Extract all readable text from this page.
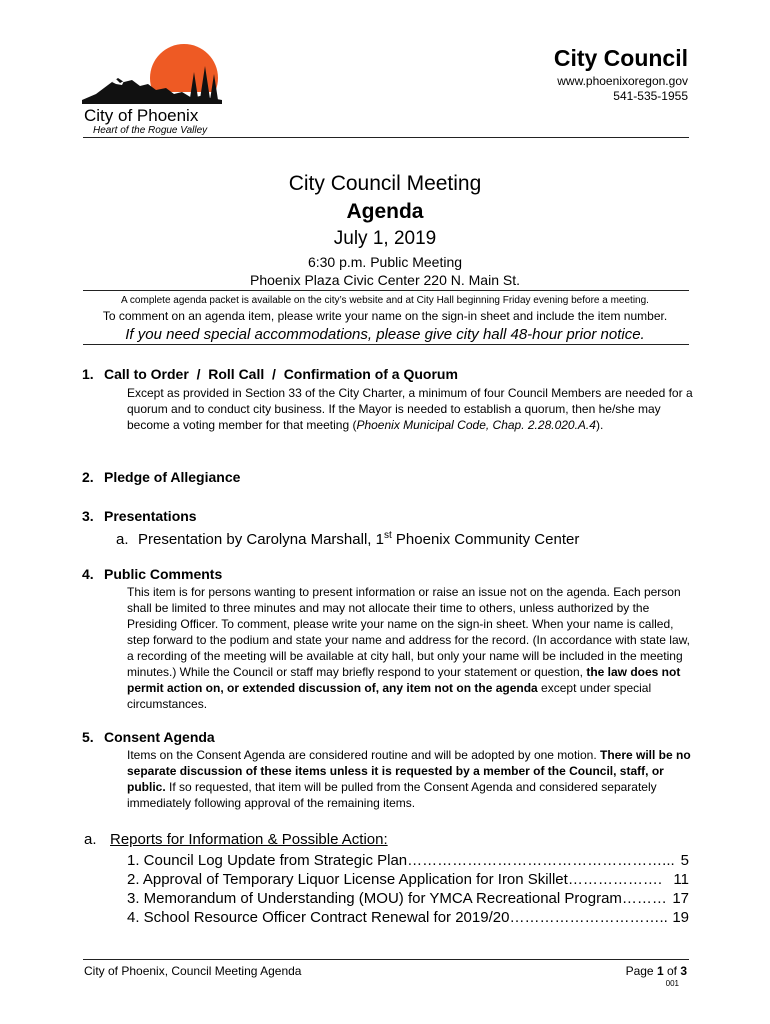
City of Phoenix
Heart of the Rogue Valley
City Council
www.phoenixoregon.gov
541-535-1955
City Council Meeting
Agenda
July 1, 2019
6:30 p.m. Public Meeting
Phoenix Plaza Civic Center 220 N. Main St.
A complete agenda packet is available on the city’s website and at City Hall beginning Friday evening before a meeting.
To comment on an agenda item, please write your name on the sign-in sheet and include the item number.
If you need special accommodations, please give city hall 48-hour prior notice.
1. Call to Order  /  Roll Call  /  Confirmation of a Quorum
Except as provided in Section 33 of the City Charter, a minimum of four Council Members are needed for a quorum and to conduct city business. If the Mayor is needed to establish a quorum, then he/she may become a voting member for that meeting (Phoenix Municipal Code, Chap. 2.28.020.A.4).
2. Pledge of Allegiance
3. Presentations
a. Presentation by Carolyna Marshall, 1st Phoenix Community Center
4. Public Comments
This item is for persons wanting to present information or raise an issue not on the agenda. Each person shall be limited to three minutes and may not allocate their time to others, unless authorized by the Presiding Officer. To comment, please write your name on the sign-in sheet. When your name is called, step forward to the podium and state your name and address for the record. (In accordance with state law, a recording of the meeting will be available at city hall, but only your name will be included in the meeting minutes.) While the Council or staff may briefly respond to your statement or question, the law does not permit action on, or extended discussion of, any item not on the agenda except under special circumstances.
5. Consent Agenda
Items on the Consent Agenda are considered routine and will be adopted by one motion. There will be no separate discussion of these items unless it is requested by a member of the Council, staff, or public. If so requested, that item will be pulled from the Consent Agenda and considered separately immediately following approval of the remaining items.
a. Reports for Information & Possible Action:
1. Council Log Update from Strategic Plan ……………………………………………... 5
2. Approval of Temporary Liquor License Application for Iron Skillet ………………. 11
3. Memorandum of Understanding (MOU) for YMCA Recreational Program ……… 17
4. School Resource Officer Contract Renewal for 2019/20 ………………………….. 19
City of Phoenix, Council Meeting Agenda	Page 1 of 3
001
